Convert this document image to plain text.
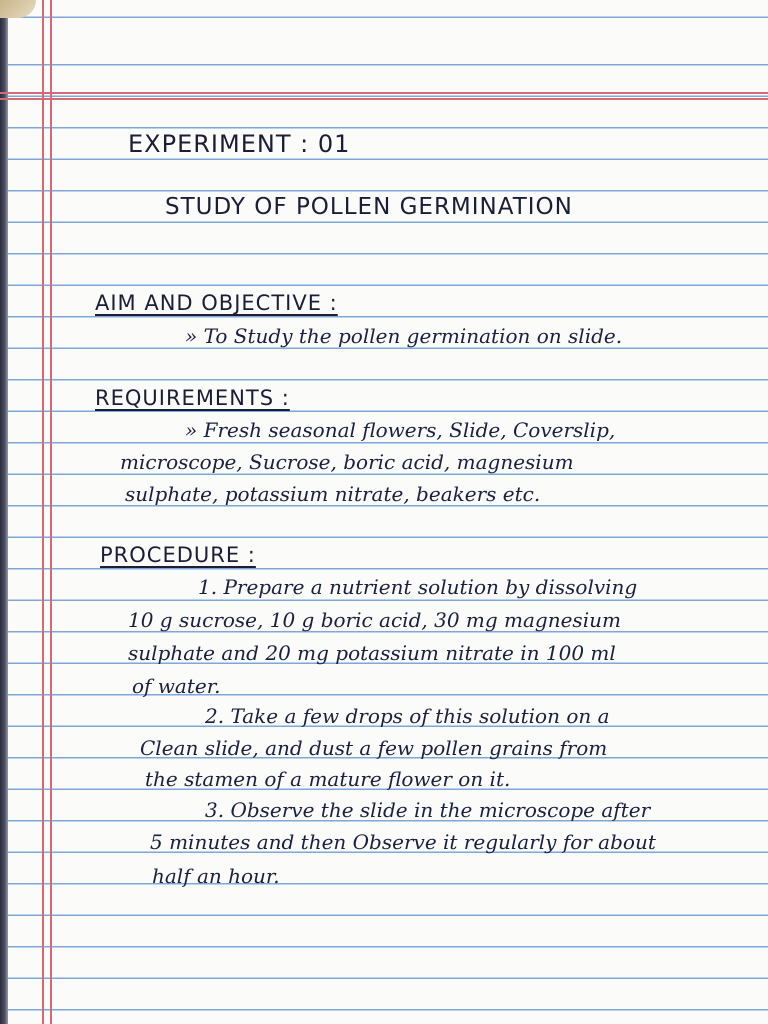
EXPERIMENT : 01
STUDY OF POLLEN GERMINATION
AIM AND OBJECTIVE :
» To Study the pollen germination on slide.
REQUIREMENTS :
» Fresh seasonal flowers, Slide, Coverslip,
microscope, Sucrose, boric acid, magnesium
sulphate, potassium nitrate, beakers etc.
PROCEDURE :
1. Prepare a nutrient solution by dissolving
10 g sucrose, 10 g boric acid, 30 mg magnesium
sulphate and 20 mg potassium nitrate in 100 ml
of water.
2. Take a few drops of this solution on a
Clean slide, and dust a few pollen grains from
the stamen of a mature flower on it.
3. Observe the slide in the microscope after
5 minutes and then Observe it regularly for about
half an hour.
